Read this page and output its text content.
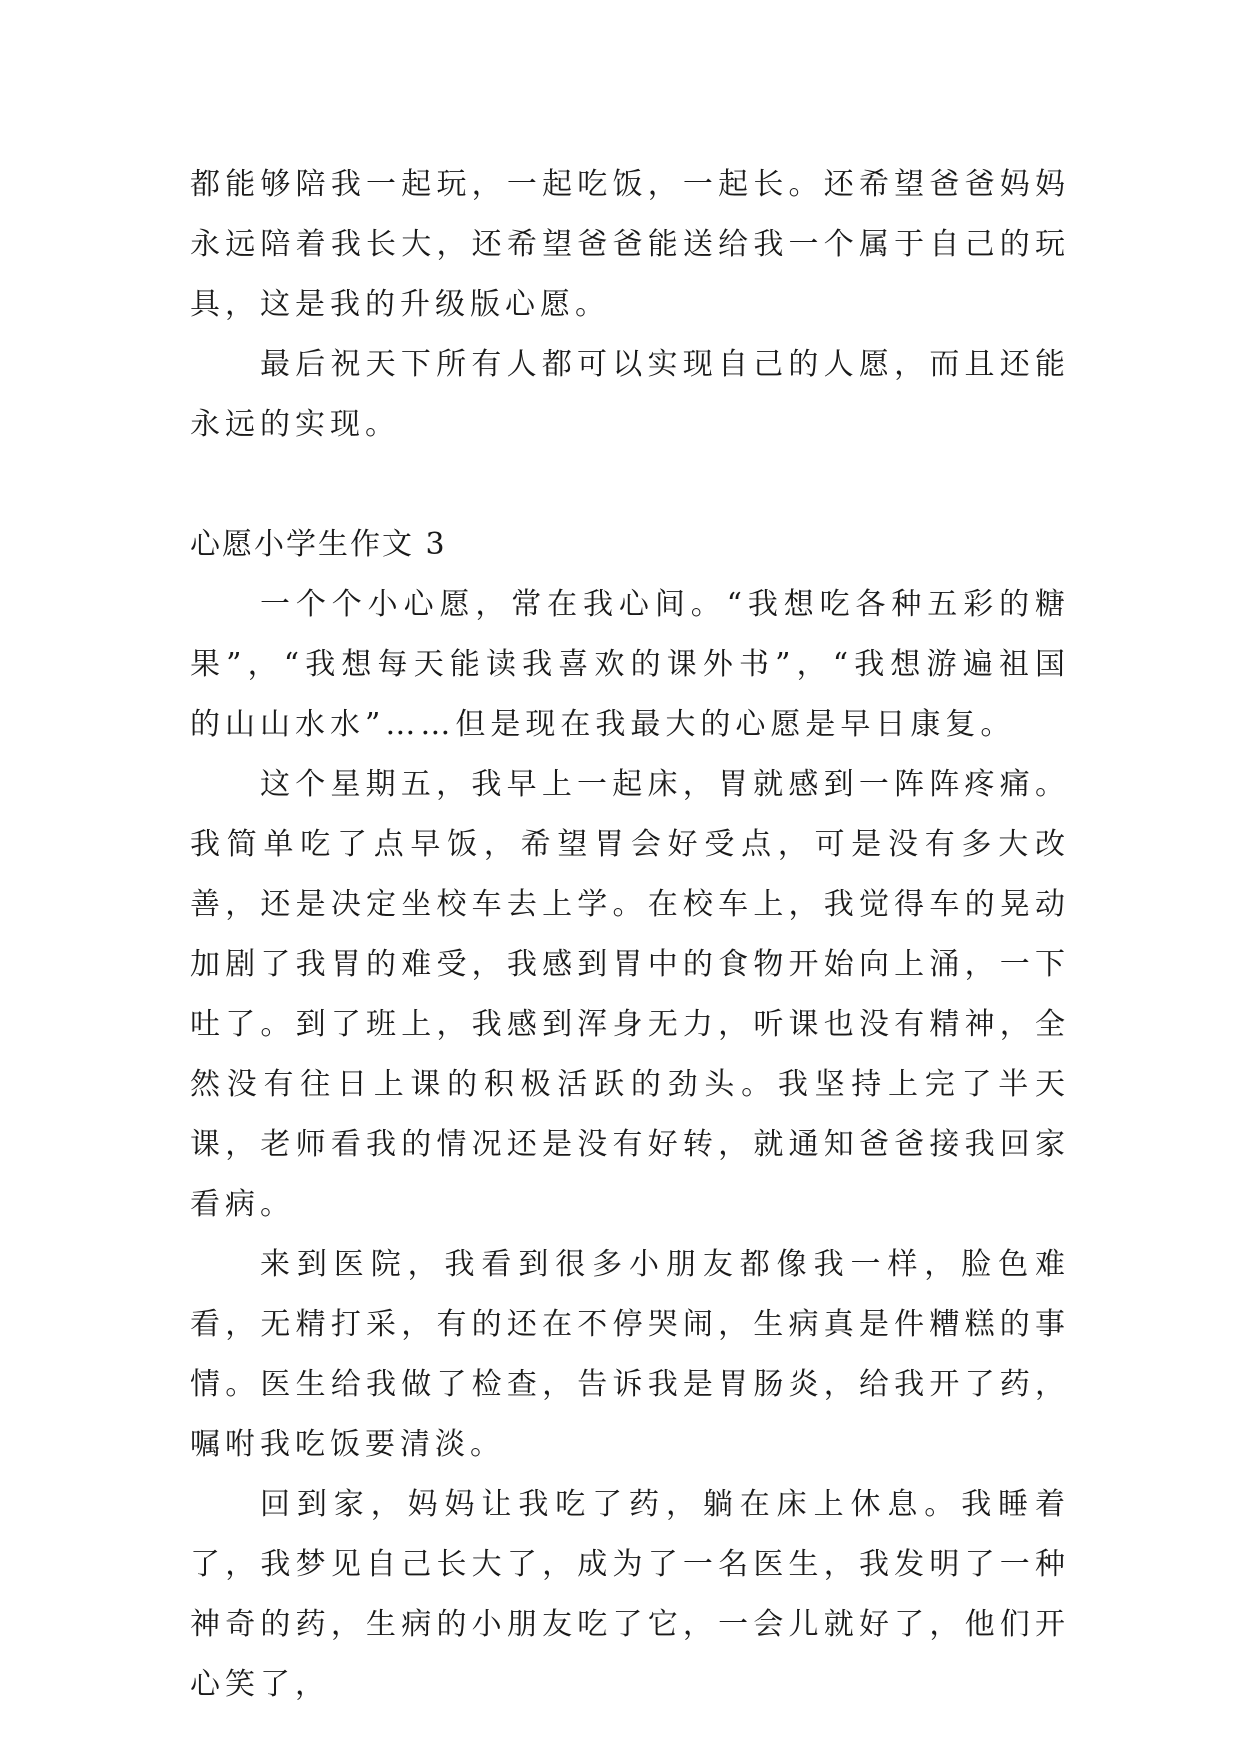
都能够陪我一起玩，一起吃饭，一起长。还希望爸爸妈妈永远陪着我长大，还希望爸爸能送给我一个属于自己的玩具，这是我的升级版心愿。

最后祝天下所有人都可以实现自己的人愿，而且还能永远的实现。

心愿小学生作文 3

一个个小心愿，常在我心间。“我想吃各种五彩的糖果”，“我想每天能读我喜欢的课外书”，“我想游遍祖国的山山水水”……但是现在我最大的心愿是早日康复。

这个星期五，我早上一起床，胃就感到一阵阵疼痛。我简单吃了点早饭，希望胃会好受点，可是没有多大改善，还是决定坐校车去上学。在校车上，我觉得车的晃动加剧了我胃的难受，我感到胃中的食物开始向上涌，一下吐了。到了班上，我感到浑身无力，听课也没有精神，全然没有往日上课的积极活跃的劲头。我坚持上完了半天课，老师看我的情况还是没有好转，就通知爸爸接我回家看病。

来到医院，我看到很多小朋友都像我一样，脸色难看，无精打采，有的还在不停哭闹，生病真是件糟糕的事情。医生给我做了检查，告诉我是胃肠炎，给我开了药，嘱咐我吃饭要清淡。

回到家，妈妈让我吃了药，躺在床上休息。我睡着了，我梦见自己长大了，成为了一名医生，我发明了一种神奇的药，生病的小朋友吃了它，一会儿就好了，他们开心笑了，
